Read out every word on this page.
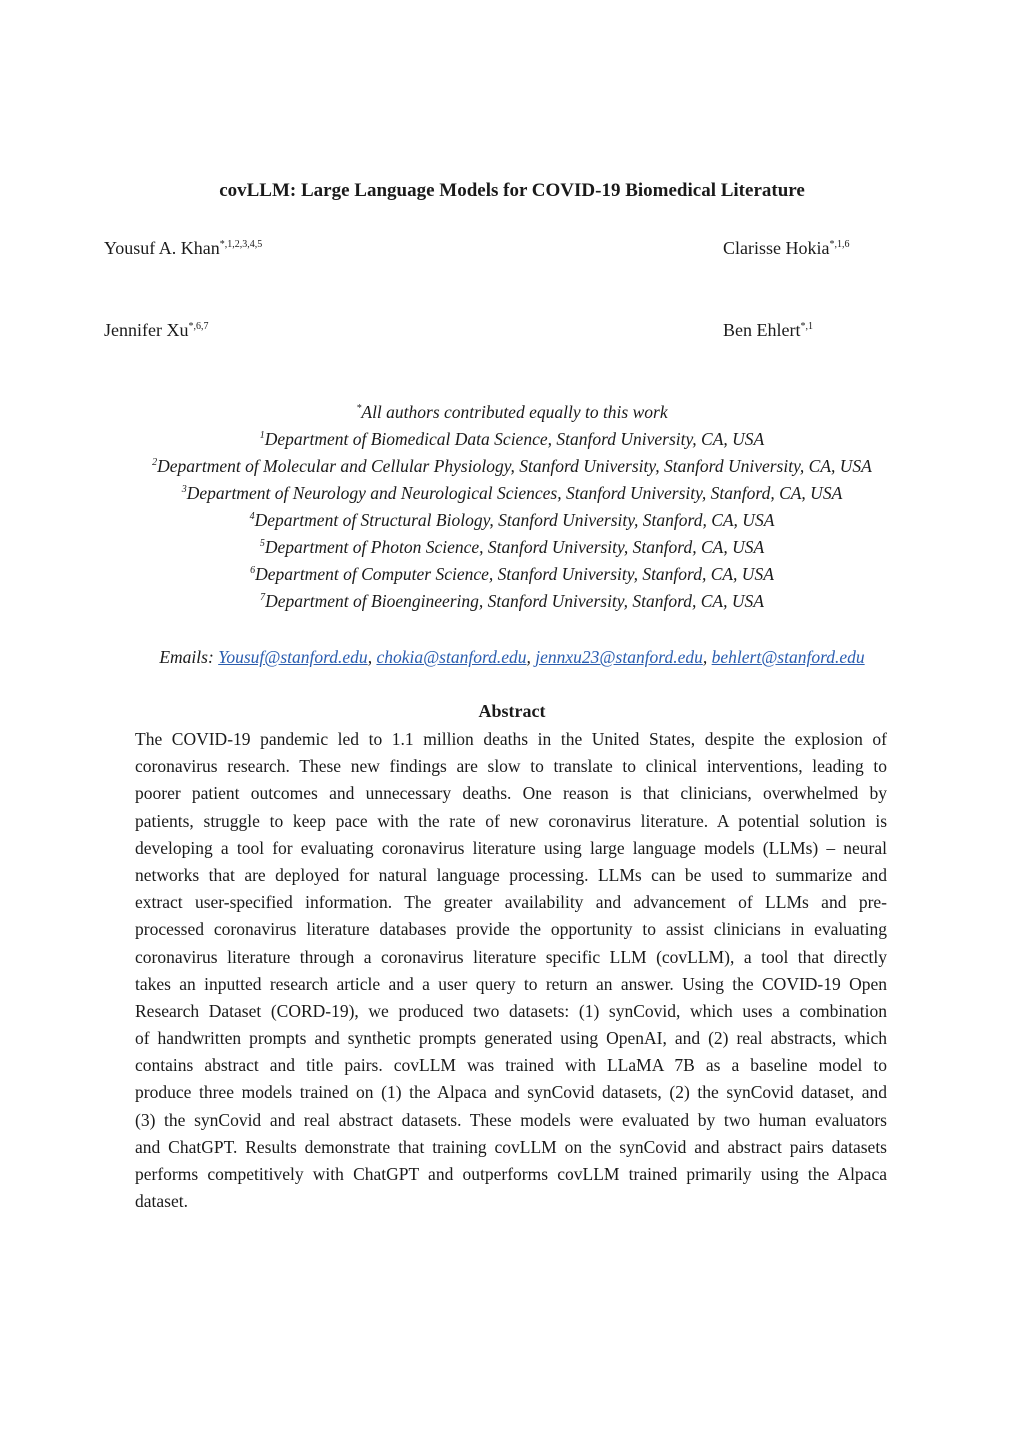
covLLM: Large Language Models for COVID-19 Biomedical Literature
Yousuf A. Khan$^{*,1,2,3,4,5}$	Clarisse Hokia$^{*,1,6}$
Jennifer $Xu^{*,6,7}$	Ben Ehlert$^{*,1}$
*All authors contributed equally to this work
$^1$Department of Biomedical Data Science, Stanford University, CA, USA
$^2$Department of Molecular and Cellular Physiology, Stanford University, Stanford University, CA, USA
$^3$Department of Neurology and Neurological Sciences, Stanford University, Stanford, CA, USA
$^4$Department of Structural Biology, Stanford University, Stanford, CA, USA
$^5$Department of Photon Science, Stanford University, Stanford, CA, USA
$^6$Department of Computer Science, Stanford University, Stanford, CA, USA
$^7$Department of Bioengineering, Stanford University, Stanford, CA, USA
Emails: Yousuf@stanford.edu, chokia@stanford.edu, jennxu23@stanford.edu, behlert@stanford.edu
Abstract
The COVID-19 pandemic led to 1.1 million deaths in the United States, despite the explosion of
coronavirus research. These new findings are slow to translate to clinical interventions, leading to
poorer patient outcomes and unnecessary deaths. One reason is that clinicians, overwhelmed by
patients, struggle to keep pace with the rate of new coronavirus literature. A potential solution is
developing a tool for evaluating coronavirus literature using large language models (LLMs) – neural
networks that are deployed for natural language processing. LLMs can be used to summarize and
extract user-specified information. The greater availability and advancement of LLMs and pre-
processed coronavirus literature databases provide the opportunity to assist clinicians in evaluating
coronavirus literature through a coronavirus literature specific LLM (covLLM), a tool that directly
takes an inputted research article and a user query to return an answer. Using the COVID-19 Open
Research Dataset (CORD-19), we produced two datasets: (1) synCovid, which uses a combination
of handwritten prompts and synthetic prompts generated using OpenAI, and (2) real abstracts, which
contains abstract and title pairs. covLLM was trained with LLaMA 7B as a baseline model to
produce three models trained on (1) the Alpaca and synCovid datasets, (2) the synCovid dataset, and
(3) the synCovid and real abstract datasets. These models were evaluated by two human evaluators
and ChatGPT. Results demonstrate that training covLLM on the synCovid and abstract pairs datasets
performs competitively with ChatGPT and outperforms covLLM trained primarily using the Alpaca
dataset.
